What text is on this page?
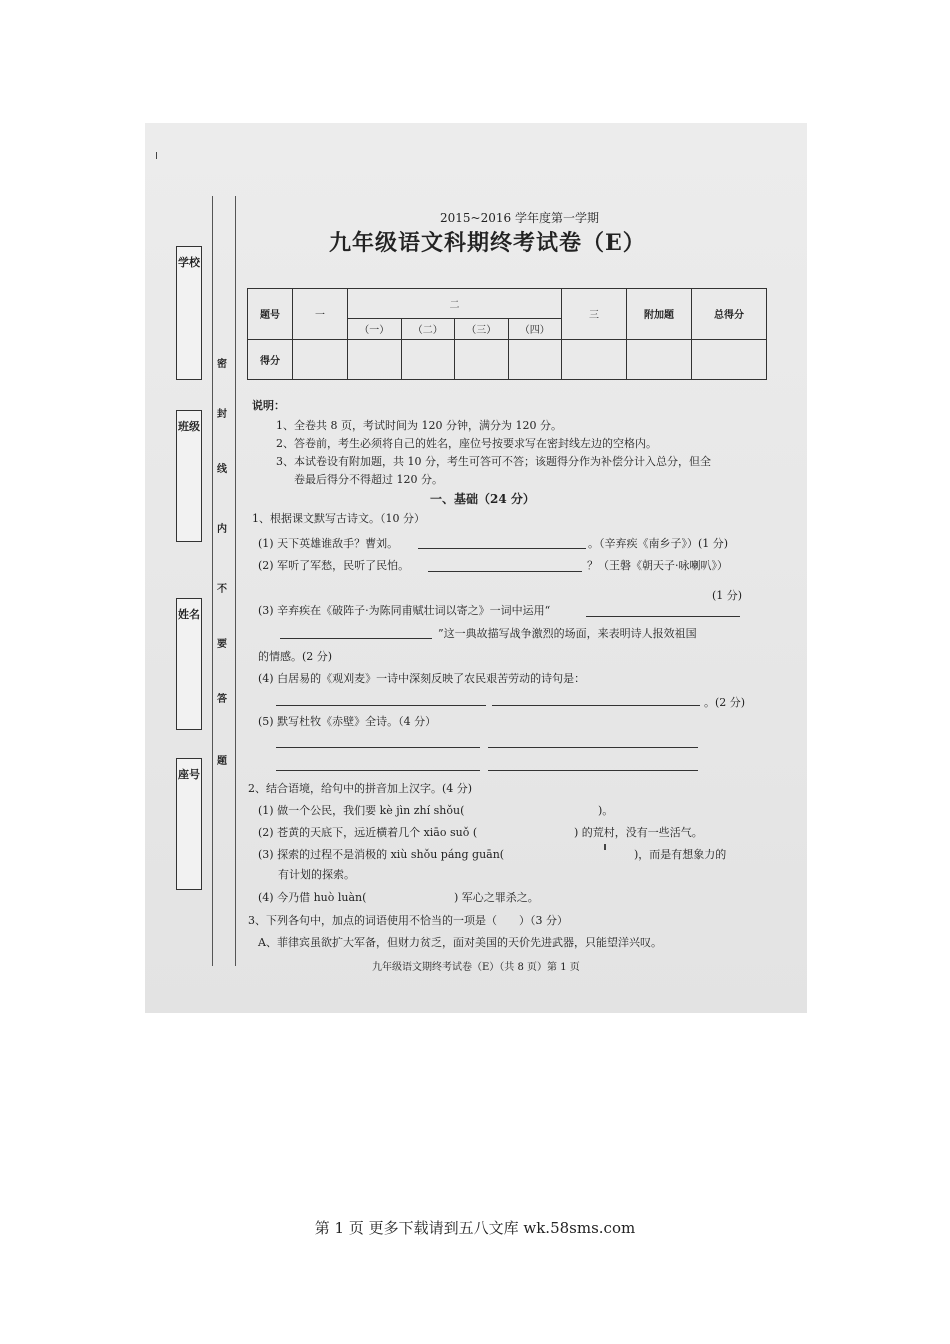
学校
班级
姓名
座号
密
封
线
内
不
要
答
题
2015~2016 学年度第一学期
九年级语文科期终考试卷（E）
题号	一	二				三	附加题	总得分
		（一）	（二）	（三）	（四）			
得分								
说明：
1、全卷共 8 页，考试时间为 120 分钟，满分为 120 分。
2、答卷前，考生必须将自己的姓名，座位号按要求写在密封线左边的空格内。
3、本试卷设有附加题，共 10 分，考生可答可不答；该题得分作为补偿分计入总分，但全
卷最后得分不得超过 120 分。
一、基础（24 分）
1、根据课文默写古诗文。（10 分）
(1) 天下英雄谁敌手？曹刘。	。（辛弃疾《南乡子》）(1 分)
(2) 军听了军愁，民听了民怕。	？（王磐《朝天子·咏喇叭》）
(3) 辛弃疾在《破阵子·为陈同甫赋壮词以寄之》一词中运用“
”这一典故描写战争激烈的场面，来表明诗人报效祖国
的情感。(2 分)
(1 分)
(4) 白居易的《观刈麦》一诗中深刻反映了农民艰苦劳动的诗句是：
。(2 分)
(5) 默写杜牧《赤壁》全诗。（4 分）
2、结合语境，给句中的拼音加上汉字。(4 分)
(1) 做一个公民，我们要 kè jìn zhí shǒu(	)。
(2) 苍黄的天底下，远近横着几个 xiāo suǒ (	) 的荒村，没有一些活气。
(3) 探索的过程不是消极的 xiù shǒu páng guān(	)，而是有想象力的
有计划的探索。
(4) 今乃借 huò luàn(	) 军心之罪杀之。
3、下列各句中，加点的词语使用不恰当的一项是（　　）（3 分）
A、菲律宾虽欲扩大军备，但财力贫乏，面对美国的天价先进武器，只能望洋兴叹。
九年级语文期终考试卷（E）（共 8 页）第 1 页
第 1 页 更多下载请到五八文库 wk.58sms.com
